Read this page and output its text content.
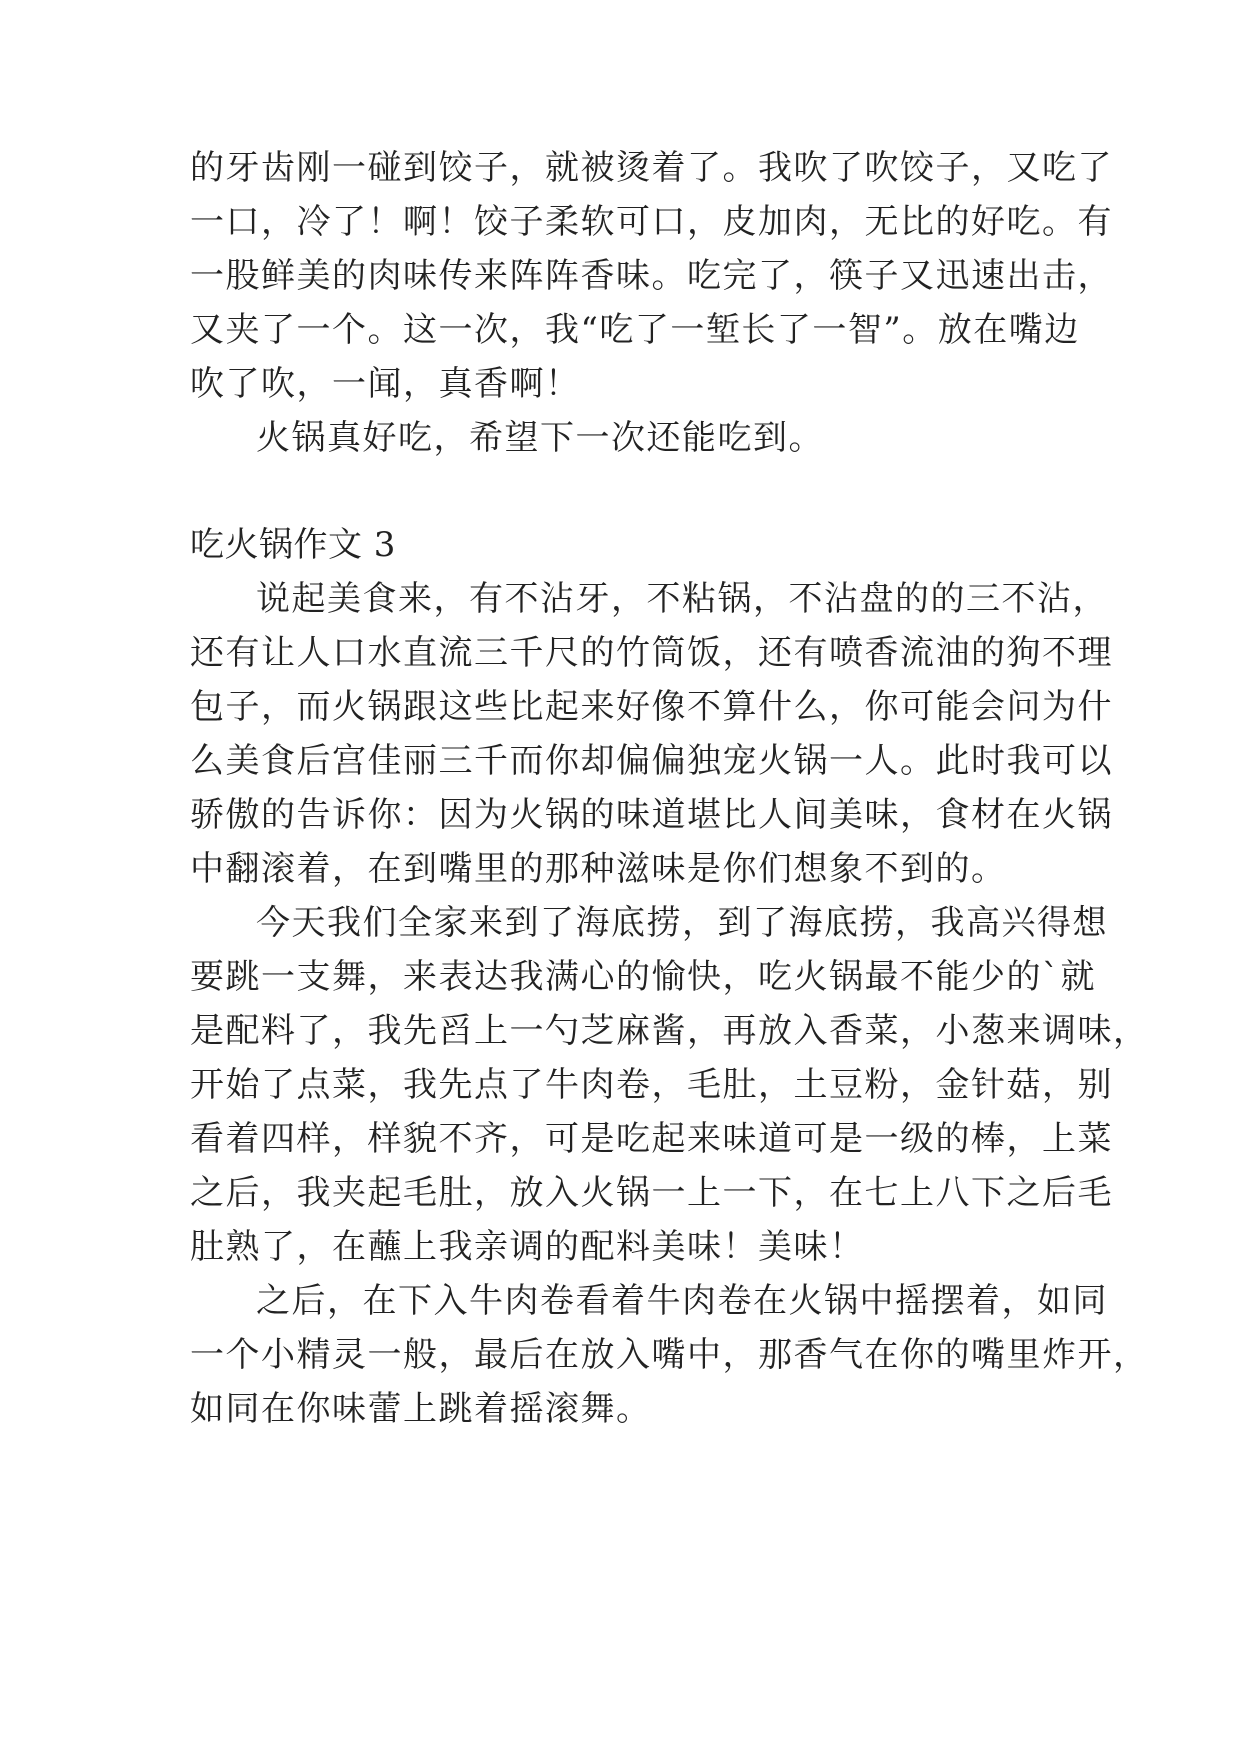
的牙齿刚一碰到饺子，就被烫着了。我吹了吹饺子，又吃了
一口，冷了！啊！饺子柔软可口，皮加肉，无比的好吃。有
一股鲜美的肉味传来阵阵香味。吃完了，筷子又迅速出击，
又夹了一个。这一次，我“吃了一堑长了一智”。放在嘴边
吹了吹，一闻，真香啊！
火锅真好吃，希望下一次还能吃到。
吃火锅作文 3
说起美食来，有不沾牙，不粘锅，不沾盘的的三不沾，
还有让人口水直流三千尺的竹筒饭，还有喷香流油的狗不理
包子，而火锅跟这些比起来好像不算什么，你可能会问为什
么美食后宫佳丽三千而你却偏偏独宠火锅一人。此时我可以
骄傲的告诉你：因为火锅的味道堪比人间美味，食材在火锅
中翻滚着，在到嘴里的那种滋味是你们想象不到的。
今天我们全家来到了海底捞，到了海底捞，我高兴得想
要跳一支舞，来表达我满心的愉快，吃火锅最不能少的`就
是配料了，我先舀上一勺芝麻酱，再放入香菜，小葱来调味，
开始了点菜，我先点了牛肉卷，毛肚，土豆粉，金针菇，别
看着四样，样貌不齐，可是吃起来味道可是一级的棒，上菜
之后，我夹起毛肚，放入火锅一上一下，在七上八下之后毛
肚熟了，在蘸上我亲调的配料美味！美味！
之后，在下入牛肉卷看着牛肉卷在火锅中摇摆着，如同
一个小精灵一般，最后在放入嘴中，那香气在你的嘴里炸开，
如同在你味蕾上跳着摇滚舞。
